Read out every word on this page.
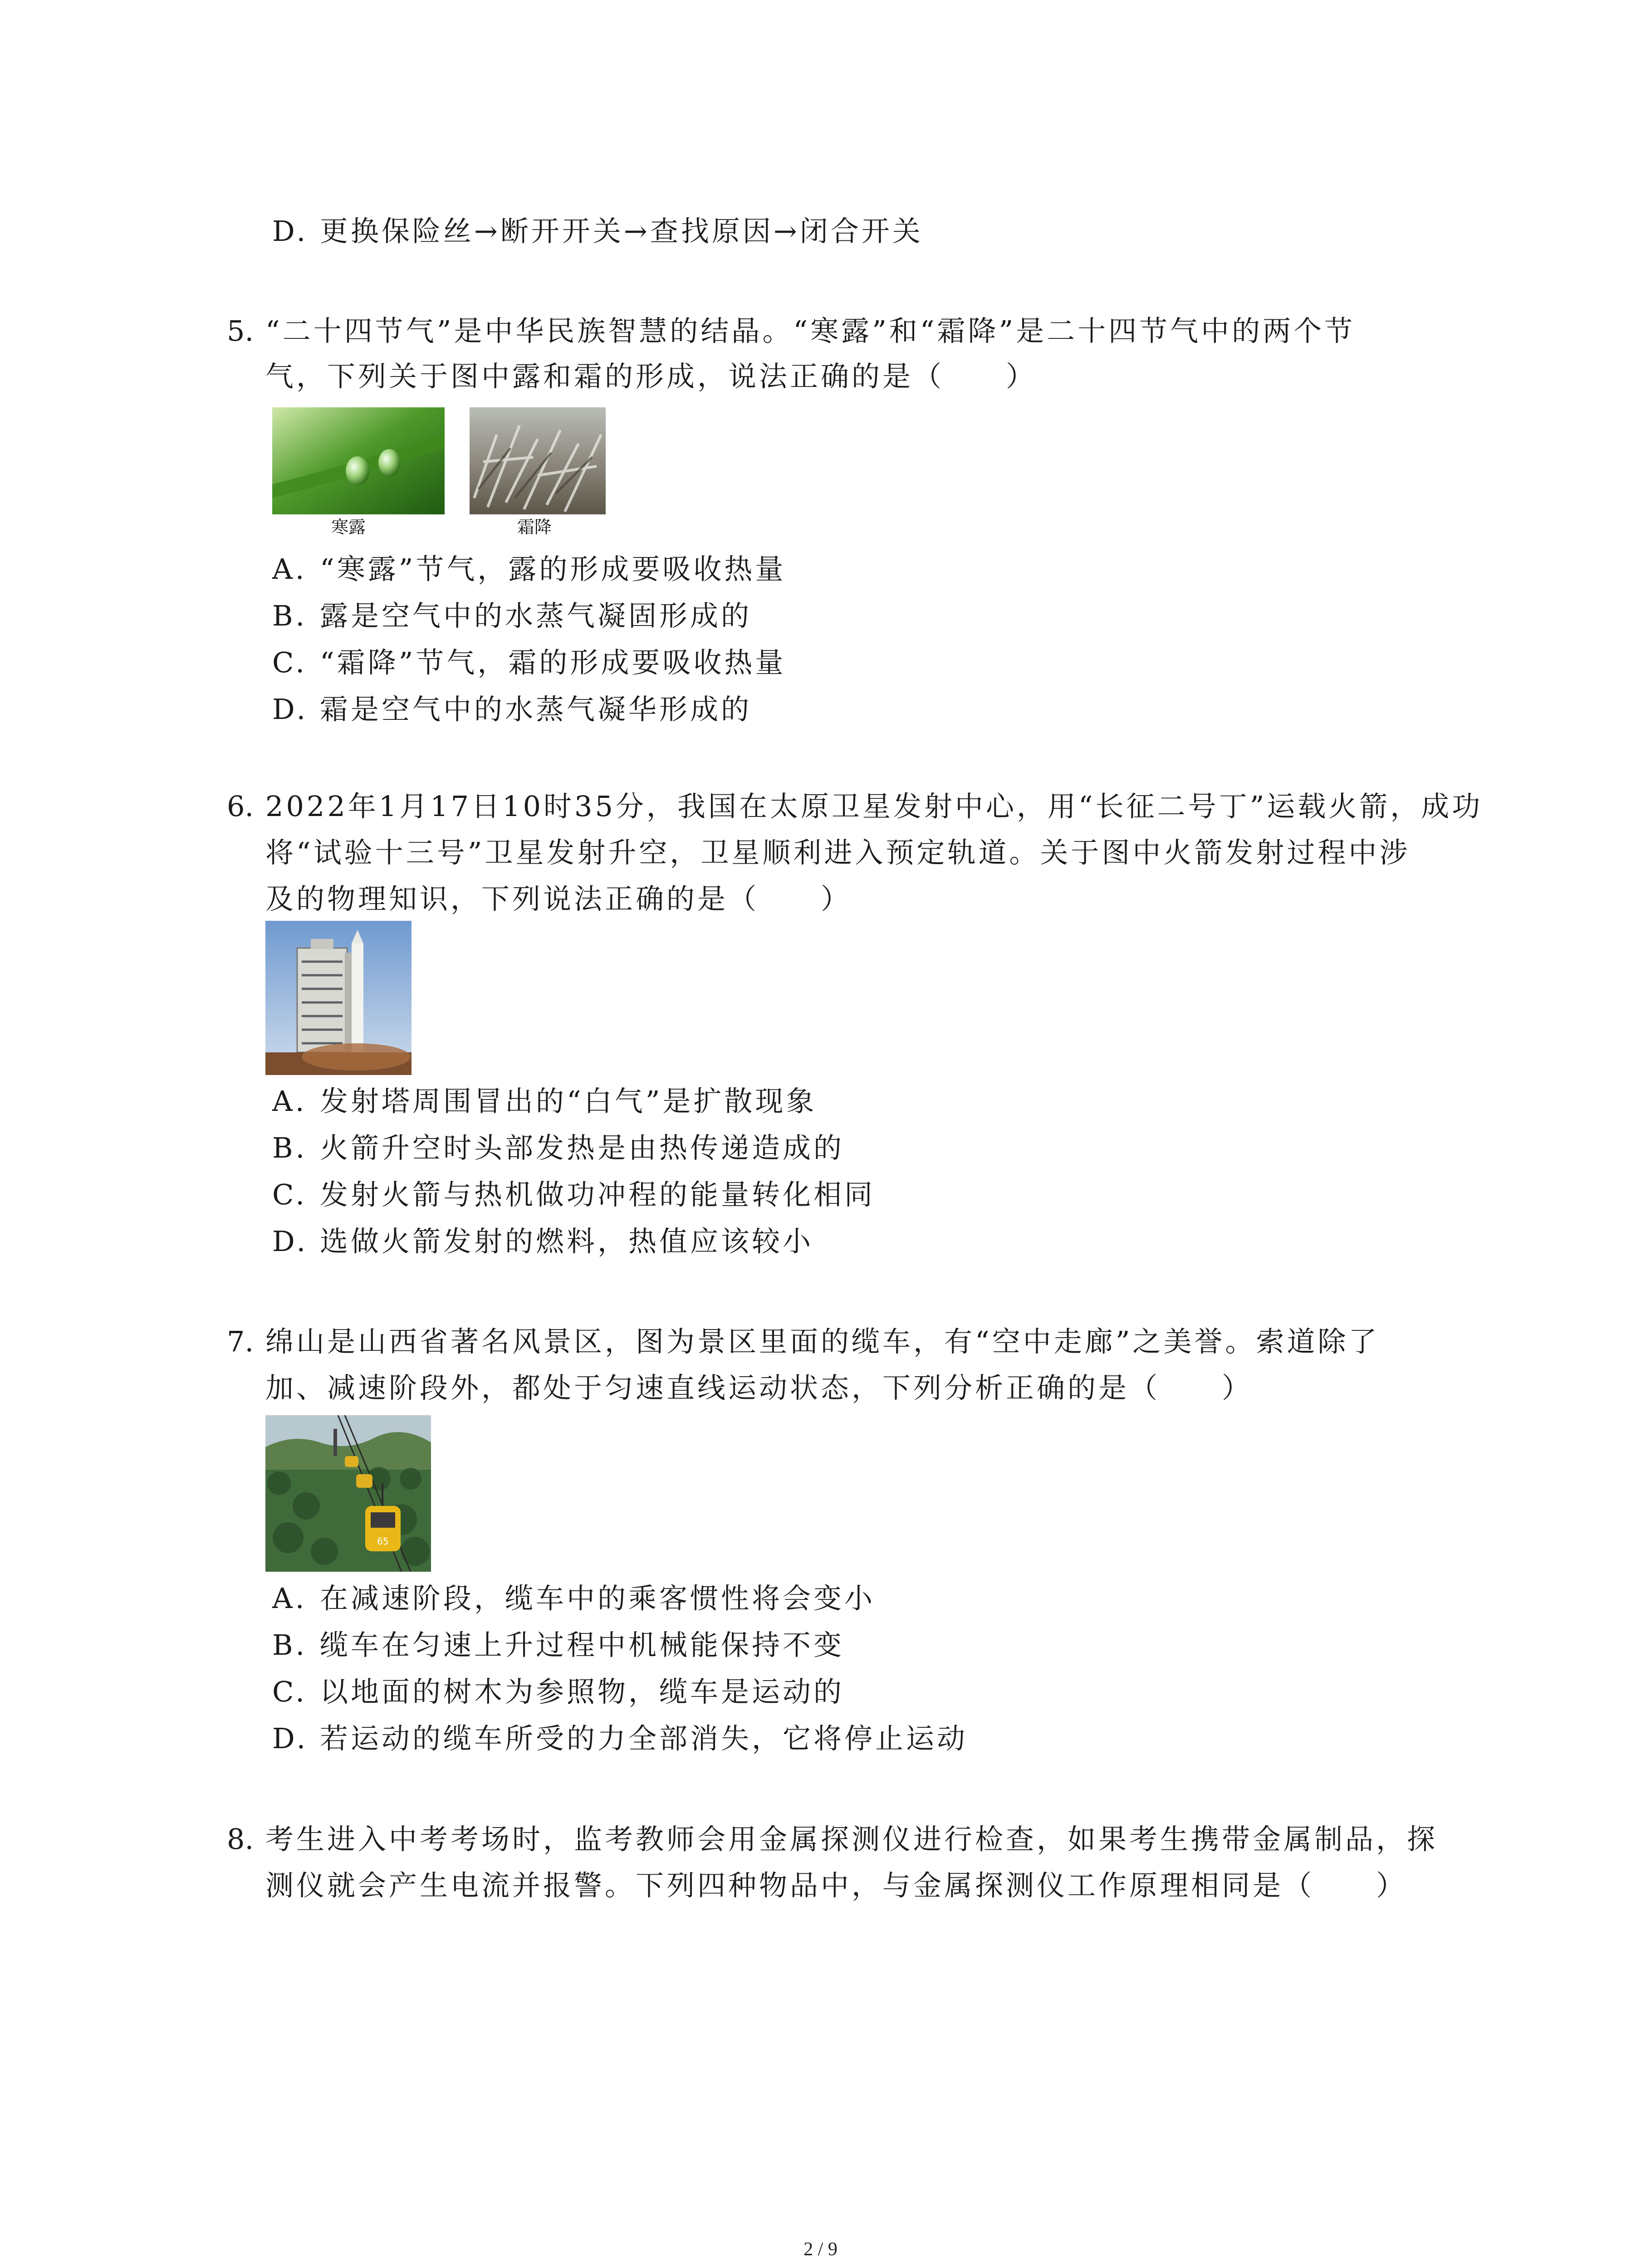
D. 更换保险丝→断开开关→查找原因→闭合开关
5. “二十四节气”是中华民族智慧的结晶。“寒露”和“霜降”是二十四节气中的两个节
气，下列关于图中露和霜的形成，说法正确的是（　　）
寒露	霜降
A. “寒露”节气，露的形成要吸收热量
B. 露是空气中的水蒸气凝固形成的
C. “霜降”节气，霜的形成要吸收热量
D. 霜是空气中的水蒸气凝华形成的
6. 2022年1月17日10时35分，我国在太原卫星发射中心，用“长征二号丁”运载火箭，成功
将“试验十三号”卫星发射升空，卫星顺利进入预定轨道。关于图中火箭发射过程中涉
及的物理知识，下列说法正确的是（　　）
A. 发射塔周围冒出的“白气”是扩散现象
B. 火箭升空时头部发热是由热传递造成的
C. 发射火箭与热机做功冲程的能量转化相同
D. 选做火箭发射的燃料，热值应该较小
7. 绵山是山西省著名风景区，图为景区里面的缆车，有“空中走廊”之美誉。索道除了
加、减速阶段外，都处于匀速直线运动状态，下列分析正确的是（　　）
65
A. 在减速阶段，缆车中的乘客惯性将会变小
B. 缆车在匀速上升过程中机械能保持不变
C. 以地面的树木为参照物，缆车是运动的
D. 若运动的缆车所受的力全部消失，它将停止运动
8. 考生进入中考考场时，监考教师会用金属探测仪进行检查，如果考生携带金属制品，探
测仪就会产生电流并报警。下列四种物品中，与金属探测仪工作原理相同是（　　）
2 / 9
